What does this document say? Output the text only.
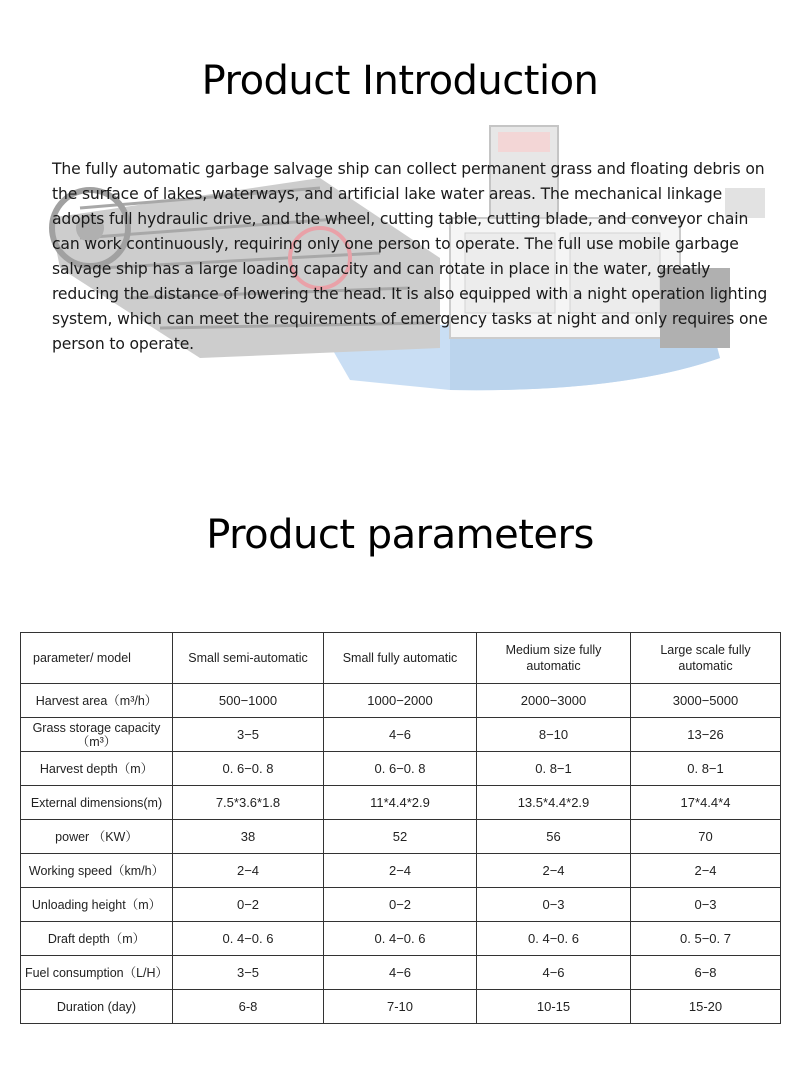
Product Introduction

The fully automatic garbage salvage ship can collect permanent grass and floating debris on the surface of lakes, waterways, and artificial lake water areas. The mechanical linkage adopts full hydraulic drive, and the wheel, cutting table, cutting blade, and conveyor chain can work continuously, requiring only one person to operate. The full use mobile garbage salvage ship has a large loading capacity and can rotate in place in the water, greatly reducing the distance of lowering the head. It is also equipped with a night operation lighting system, which can meet the requirements of emergency tasks at night and only requires one person to operate.

Product parameters
parameter/ model	Small semi-automatic	Small fully automatic	Medium size fully automatic	Large scale fully automatic
Harvest area（m³/h）	500−1000	1000−2000	2000−3000	3000−5000
Grass storage capacity（m³）	3−5	4−6	8−10	13−26
Harvest depth（m）	0. 6−0. 8	0. 6−0. 8	0. 8−1	0. 8−1
External dimensions(m)	7.5*3.6*1.8	11*4.4*2.9	13.5*4.4*2.9	17*4.4*4
power （KW）	38	52	56	70
Working speed（km/h）	2−4	2−4	2−4	2−4
Unloading height（m）	0−2	0−2	0−3	0−3
Draft depth（m）	0. 4−0. 6	0. 4−0. 6	0. 4−0. 6	0. 5−0. 7
Fuel consumption（L/H）	3−5	4−6	4−6	6−8
Duration (day)	6-8	7-10	10-15	15-20
